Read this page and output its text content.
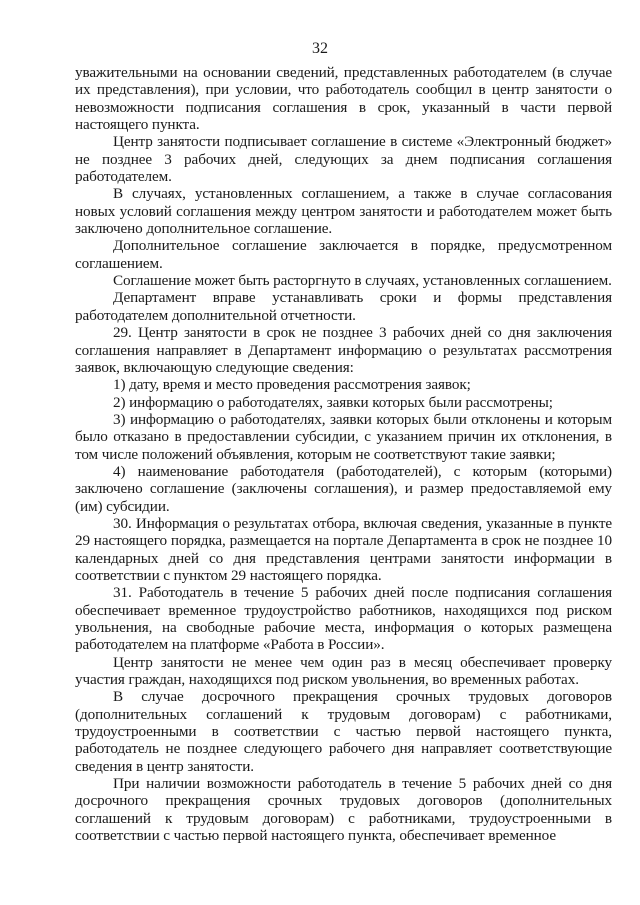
32

уважительными на основании сведений, представленных работодателем (в случае их представления), при условии, что работодатель сообщил в центр занятости о невозможности подписания соглашения в срок, указанный в части первой настоящего пункта.

Центр занятости подписывает соглашение в системе «Электронный бюджет» не позднее 3 рабочих дней, следующих за днем подписания соглашения работодателем.

В случаях, установленных соглашением, а также в случае согласования новых условий соглашения между центром занятости и работодателем может быть заключено дополнительное соглашение.

Дополнительное соглашение заключается в порядке, предусмотренном соглашением.

Соглашение может быть расторгнуто в случаях, установленных соглашением.

Департамент вправе устанавливать сроки и формы представления работодателем дополнительной отчетности.

29. Центр занятости в срок не позднее 3 рабочих дней со дня заключения соглашения направляет в Департамент информацию о результатах рассмотрения заявок, включающую следующие сведения:

1) дату, время и место проведения рассмотрения заявок;

2) информацию о работодателях, заявки которых были рассмотрены;

3) информацию о работодателях, заявки которых были отклонены и которым было отказано в предоставлении субсидии, с указанием причин их отклонения, в том числе положений объявления, которым не соответствуют такие заявки;

4) наименование работодателя (работодателей), с которым (которыми) заключено соглашение (заключены соглашения), и размер предоставляемой ему (им) субсидии.

30. Информация о результатах отбора, включая сведения, указанные в пункте 29 настоящего порядка, размещается на портале Департамента в срок не позднее 10 календарных дней со дня представления центрами занятости информации в соответствии с пунктом 29 настоящего порядка.

31. Работодатель в течение 5 рабочих дней после подписания соглашения обеспечивает временное трудоустройство работников, находящихся под риском увольнения, на свободные рабочие места, информация о которых размещена работодателем на платформе «Работа в России».

Центр занятости не менее чем один раз в месяц обеспечивает проверку участия граждан, находящихся под риском увольнения, во временных работах.

В случае досрочного прекращения срочных трудовых договоров (дополнительных соглашений к трудовым договорам) с работниками, трудоустроенными в соответствии с частью первой настоящего пункта, работодатель не позднее следующего рабочего дня направляет соответствующие сведения в центр занятости.

При наличии возможности работодатель в течение 5 рабочих дней со дня досрочного прекращения срочных трудовых договоров (дополнительных соглашений к трудовым договорам) с работниками, трудоустроенными в соответствии с частью первой настоящего пункта, обеспечивает временное
